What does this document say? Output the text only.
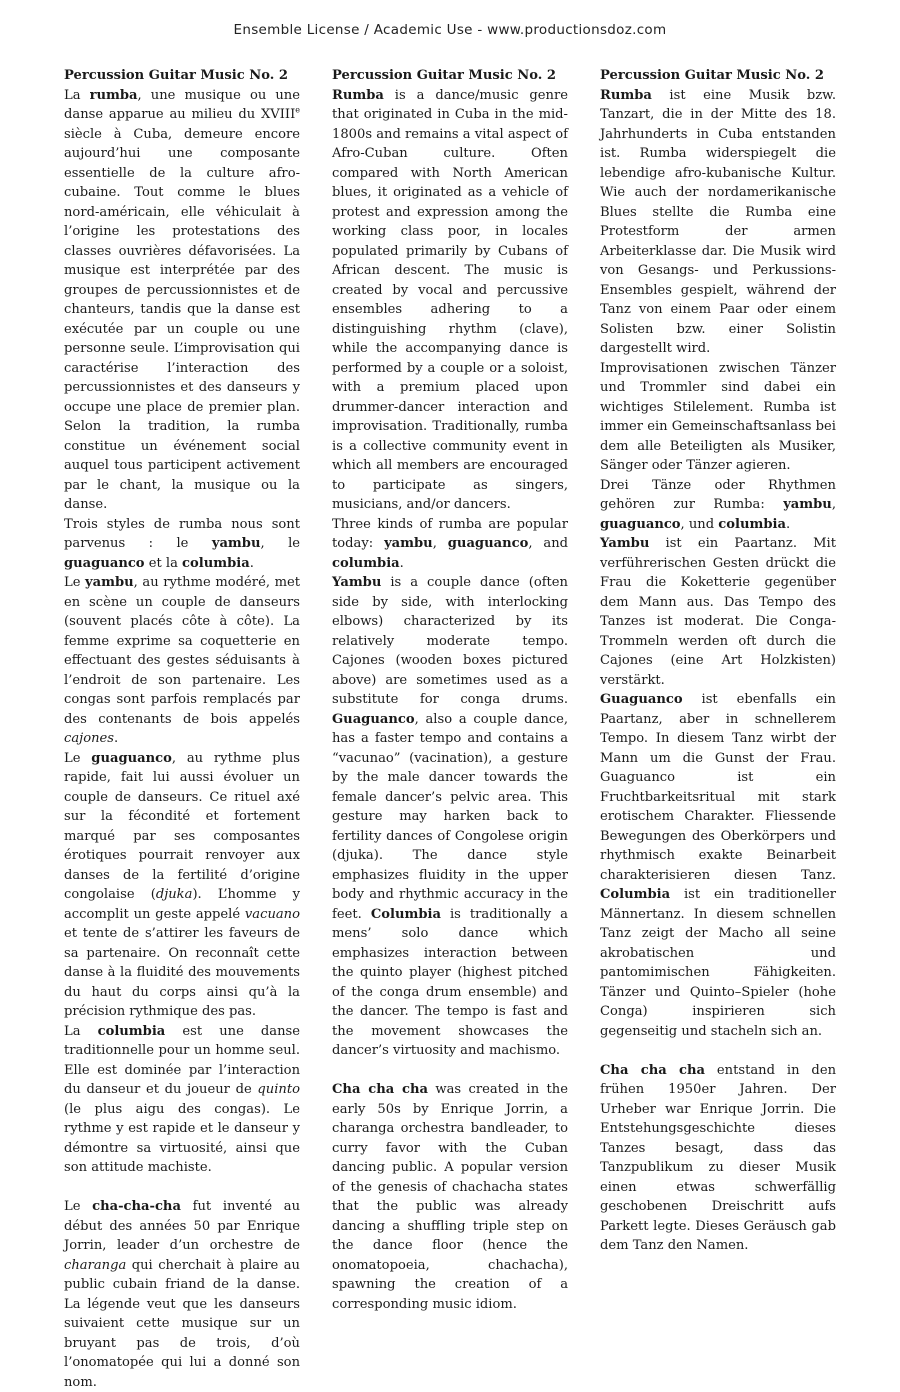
Ensemble License / Academic Use - www.productionsdoz.com

Percussion Guitar Music No. 2

La rumba, une musique ou une danse apparue au milieu du XVIIIe siècle à Cuba, demeure encore aujourd’hui une composante essentielle de la culture afro-cubaine. Tout comme le blues nord-américain, elle véhiculait à l’origine les protestations des classes ouvrières défavorisées. La musique est interprétée par des groupes de percussionnistes et de chanteurs, tandis que la danse est exécutée par un couple ou une personne seule. L’improvisation qui caractérise l’interaction des percussionnistes et des danseurs y occupe une place de premier plan. Selon la tradition, la rumba constitue un événement social auquel tous participent activement par le chant, la musique ou la danse.

Trois styles de rumba nous sont parvenus : le yambu, le guaguanco et la columbia.

Le yambu, au rythme modéré, met en scène un couple de danseurs (souvent placés côte à côte). La femme exprime sa coquetterie en effectuant des gestes séduisants à l’endroit de son partenaire. Les congas sont parfois remplacés par des contenants de bois appelés cajones.

Le guaguanco, au rythme plus rapide, fait lui aussi évoluer un couple de danseurs. Ce rituel axé sur la fécondité et fortement marqué par ses composantes érotiques pourrait renvoyer aux danses de la fertilité d’origine congolaise (djuka). L’homme y accomplit un geste appelé vacuano et tente de s’attirer les faveurs de sa partenaire. On reconnaît cette danse à la fluidité des mouvements du haut du corps ainsi qu’à la précision rythmique des pas.

La columbia est une danse traditionnelle pour un homme seul. Elle est dominée par l’interaction du danseur et du joueur de quinto (le plus aigu des congas). Le rythme y est rapide et le danseur y démontre sa virtuosité, ainsi que son attitude machiste.

Le cha-cha-cha fut inventé au début des années 50 par Enrique Jorrin, leader d’un orchestre de charanga qui cherchait à plaire au public cubain friand de la danse. La légende veut que les danseurs suivaient cette musique sur un bruyant pas de trois, d’où l’onomatopée qui lui a donné son nom.

Percussion Guitar Music No. 2

Rumba is a dance/music genre that originated in Cuba in the mid-1800s and remains a vital aspect of Afro-Cuban culture. Often compared with North American blues, it originated as a vehicle of protest and expression among the working class poor, in locales populated primarily by Cubans of African descent. The music is created by vocal and percussive ensembles adhering to a distinguishing rhythm (clave), while the accompanying dance is performed by a couple or a soloist, with a premium placed upon drummer-dancer interaction and improvisation. Traditionally, rumba is a collective community event in which all members are encouraged to participate as singers, musicians, and/or dancers.

Three kinds of rumba are popular today: yambu, guaguanco, and columbia.

Yambu is a couple dance (often side by side, with interlocking elbows) characterized by its relatively moderate tempo. Cajones (wooden boxes pictured above) are sometimes used as a substitute for conga drums. Guaguanco, also a couple dance, has a faster tempo and contains a “vacunao” (vacination), a gesture by the male dancer towards the female dancer’s pelvic area. This gesture may harken back to fertility dances of Congolese origin (djuka). The dance style emphasizes fluidity in the upper body and rhythmic accuracy in the feet. Columbia is traditionally a mens’ solo dance which emphasizes interaction between the quinto player (highest pitched of the conga drum ensemble) and the dancer. The tempo is fast and the movement showcases the dancer’s virtuosity and machismo.

Cha cha cha was created in the early 50s by Enrique Jorrin, a charanga orchestra bandleader, to curry favor with the Cuban dancing public. A popular version of the genesis of chachacha states that the public was already dancing a shuffling triple step on the dance floor (hence the onomatopoeia, chachacha), spawning the creation of a corresponding music idiom.

Percussion Guitar Music No. 2

Rumba ist eine Musik bzw. Tanzart, die in der Mitte des 18. Jahrhunderts in Cuba entstanden ist. Rumba widerspiegelt die lebendige afro-kubanische Kultur. Wie auch der nordamerikanische Blues stellte die Rumba eine Protestform der armen Arbeiterklasse dar. Die Musik wird von Gesangs- und Perkussions-Ensembles gespielt, während der Tanz von einem Paar oder einem Solisten bzw. einer Solistin dargestellt wird.

Improvisationen zwischen Tänzer und Trommler sind dabei ein wichtiges Stilelement. Rumba ist immer ein Gemeinschaftsanlass bei dem alle Beteiligten als Musiker, Sänger oder Tänzer agieren.

Drei Tänze oder Rhythmen gehören zur Rumba: yambu, guaguanco, und columbia.

Yambu ist ein Paartanz. Mit verführerischen Gesten drückt die Frau die Koketterie gegenüber dem Mann aus. Das Tempo des Tanzes ist moderat. Die Conga-Trommeln werden oft durch die Cajones (eine Art Holzkisten) verstärkt.

Guaguanco ist ebenfalls ein Paartanz, aber in schnellerem Tempo. In diesem Tanz wirbt der Mann um die Gunst der Frau. Guaguanco ist ein Fruchtbarkeitsritual mit stark erotischem Charakter. Fliessende Bewegungen des Oberkörpers und rhythmisch exakte Beinarbeit charakterisieren diesen Tanz. Columbia ist ein traditioneller Männertanz. In diesem schnellen Tanz zeigt der Macho all seine akrobatischen und pantomimischen Fähigkeiten. Tänzer und Quinto–Spieler (hohe Conga) inspirieren sich gegenseitig und stacheln sich an.

Cha cha cha entstand in den frühen 1950er Jahren. Der Urheber war Enrique Jorrin. Die Entstehungsgeschichte dieses Tanzes besagt, dass das Tanzpublikum zu dieser Musik einen etwas schwerfällig geschobenen Dreischritt aufs Parkett legte. Dieses Geräusch gab dem Tanz den Namen.
